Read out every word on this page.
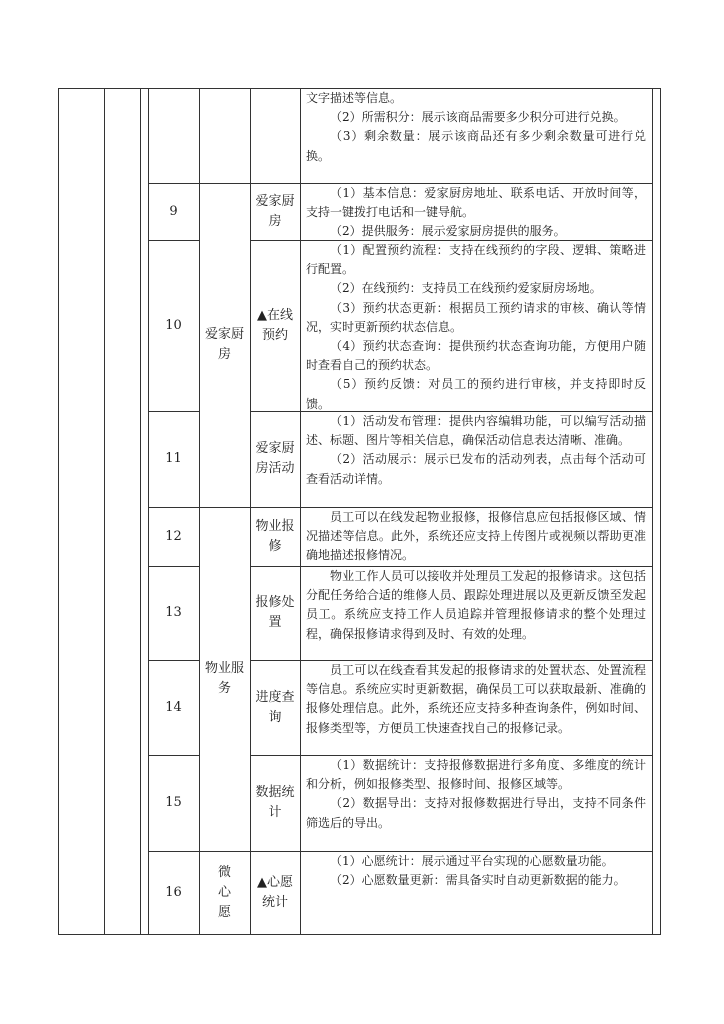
文字描述等信息。

（2）所需积分：展示该商品需要多少积分可进行兑换。

（3）剩余数量：展示该商品还有多少剩余数量可进行兑换。

9
爱家厨房

（1）基本信息：爱家厨房地址、联系电话、开放时间等，支持一键拨打电话和一键导航。

（2）提供服务：展示爱家厨房提供的服务。

10
▲在线预约

（1）配置预约流程：支持在线预约的字段、逻辑、策略进行配置。

（2）在线预约：支持员工在线预约爱家厨房场地。

（3）预约状态更新：根据员工预约请求的审核、确认等情况，实时更新预约状态信息。

（4）预约状态查询：提供预约状态查询功能，方便用户随时查看自己的预约状态。

（5）预约反馈：对员工的预约进行审核，并支持即时反馈。

11
爱家厨房活动

（1）活动发布管理：提供内容编辑功能，可以编写活动描述、标题、图片等相关信息，确保活动信息表达清晰、准确。

（2）活动展示：展示已发布的活动列表，点击每个活动可查看活动详情。

12
物业报修

员工可以在线发起物业报修，报修信息应包括报修区域、情况描述等信息。此外，系统还应支持上传图片或视频以帮助更准确地描述报修情况。

13
报修处置

物业工作人员可以接收并处理员工发起的报修请求。这包括分配任务给合适的维修人员、跟踪处理进展以及更新反馈至发起员工。系统应支持工作人员追踪并管理报修请求的整个处理过程，确保报修请求得到及时、有效的处理。

14
进度查询

员工可以在线查看其发起的报修请求的处置状态、处置流程等信息。系统应实时更新数据，确保员工可以获取最新、准确的报修处理信息。此外，系统还应支持多种查询条件，例如时间、报修类型等，方便员工快速查找自己的报修记录。

15
数据统计

（1）数据统计：支持报修数据进行多角度、多维度的统计和分析，例如报修类型、报修时间、报修区域等。

（2）数据导出：支持对报修数据进行导出，支持不同条件筛选后的导出。

16
▲心愿统计

（1）心愿统计：展示通过平台实现的心愿数量功能。

（2）心愿数量更新：需具备实时自动更新数据的能力。

爱家厨房
物业服务
微心愿
